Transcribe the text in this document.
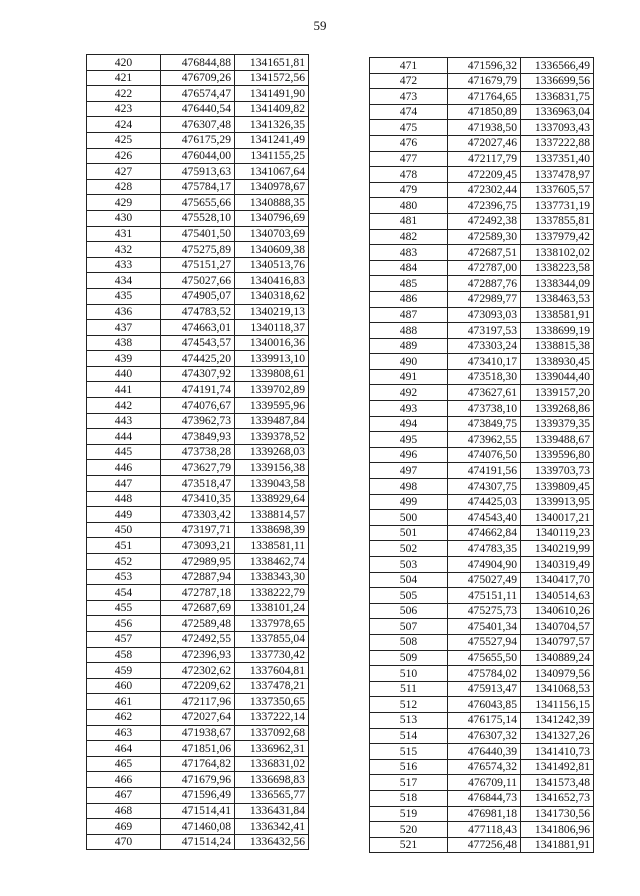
59
420	476844,88	1341651,81
421	476709,26	1341572,56
422	476574,47	1341491,90
423	476440,54	1341409,82
424	476307,48	1341326,35
425	476175,29	1341241,49
426	476044,00	1341155,25
427	475913,63	1341067,64
428	475784,17	1340978,67
429	475655,66	1340888,35
430	475528,10	1340796,69
431	475401,50	1340703,69
432	475275,89	1340609,38
433	475151,27	1340513,76
434	475027,66	1340416,83
435	474905,07	1340318,62
436	474783,52	1340219,13
437	474663,01	1340118,37
438	474543,57	1340016,36
439	474425,20	1339913,10
440	474307,92	1339808,61
441	474191,74	1339702,89
442	474076,67	1339595,96
443	473962,73	1339487,84
444	473849,93	1339378,52
445	473738,28	1339268,03
446	473627,79	1339156,38
447	473518,47	1339043,58
448	473410,35	1338929,64
449	473303,42	1338814,57
450	473197,71	1338698,39
451	473093,21	1338581,11
452	472989,95	1338462,74
453	472887,94	1338343,30
454	472787,18	1338222,79
455	472687,69	1338101,24
456	472589,48	1337978,65
457	472492,55	1337855,04
458	472396,93	1337730,42
459	472302,62	1337604,81
460	472209,62	1337478,21
461	472117,96	1337350,65
462	472027,64	1337222,14
463	471938,67	1337092,68
464	471851,06	1336962,31
465	471764,82	1336831,02
466	471679,96	1336698,83
467	471596,49	1336565,77
468	471514,41	1336431,84
469	471460,08	1336342,41
470	471514,24	1336432,56
471	471596,32	1336566,49
472	471679,79	1336699,56
473	471764,65	1336831,75
474	471850,89	1336963,04
475	471938,50	1337093,43
476	472027,46	1337222,88
477	472117,79	1337351,40
478	472209,45	1337478,97
479	472302,44	1337605,57
480	472396,75	1337731,19
481	472492,38	1337855,81
482	472589,30	1337979,42
483	472687,51	1338102,02
484	472787,00	1338223,58
485	472887,76	1338344,09
486	472989,77	1338463,53
487	473093,03	1338581,91
488	473197,53	1338699,19
489	473303,24	1338815,38
490	473410,17	1338930,45
491	473518,30	1339044,40
492	473627,61	1339157,20
493	473738,10	1339268,86
494	473849,75	1339379,35
495	473962,55	1339488,67
496	474076,50	1339596,80
497	474191,56	1339703,73
498	474307,75	1339809,45
499	474425,03	1339913,95
500	474543,40	1340017,21
501	474662,84	1340119,23
502	474783,35	1340219,99
503	474904,90	1340319,49
504	475027,49	1340417,70
505	475151,11	1340514,63
506	475275,73	1340610,26
507	475401,34	1340704,57
508	475527,94	1340797,57
509	475655,50	1340889,24
510	475784,02	1340979,56
511	475913,47	1341068,53
512	476043,85	1341156,15
513	476175,14	1341242,39
514	476307,32	1341327,26
515	476440,39	1341410,73
516	476574,32	1341492,81
517	476709,11	1341573,48
518	476844,73	1341652,73
519	476981,18	1341730,56
520	477118,43	1341806,96
521	477256,48	1341881,91
